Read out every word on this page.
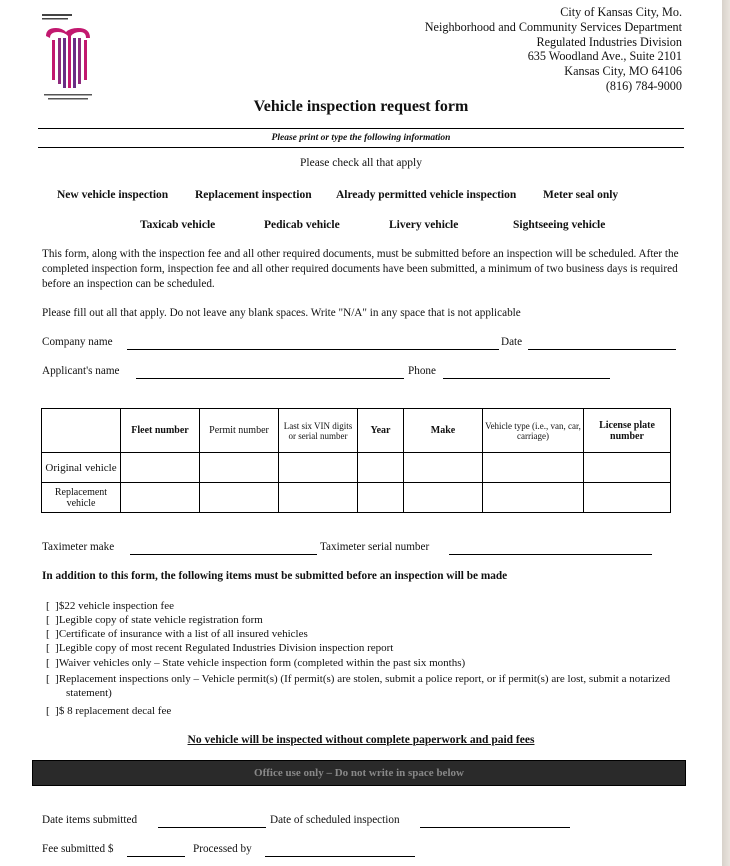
City of Kansas City, Mo.
Neighborhood and Community Services Department
Regulated Industries Division
635 Woodland Ave., Suite 2101
Kansas City, MO 64106
(816) 784-9000
Vehicle inspection request form
Please print or type the following information
Please check all that apply
New vehicle inspection Replacement inspection Already permitted vehicle inspection Meter seal only
Taxicab vehicle	Pedicab vehicle	Livery vehicle	Sightseeing vehicle
This form, along with the inspection fee and all other required documents, must be submitted before an inspection will be scheduled. After the completed inspection form, inspection fee and all other required documents have been submitted, a minimum of two business days is required before an inspection can be scheduled.
Please fill out all that apply. Do not leave any blank spaces. Write "N/A" in any space that is not applicable
Company name	Date
Applicant's name	Phone
	Fleet number	Permit number	Last six VIN digits or serial number	Year	Make	Vehicle type (i.e., van, car, carriage)	License plate number
Original vehicle							
Replacement vehicle							
Taximeter make	Taximeter serial number
In addition to this form, the following items must be submitted before an inspection will be made
[  ]$22 vehicle inspection fee
[  ]Legible copy of state vehicle registration form
[  ]Certificate of insurance with a list of all insured vehicles
[  ]Legible copy of most recent Regulated Industries Division inspection report
[  ]Waiver vehicles only – State vehicle inspection form (completed within the past six months)
[  ]Replacement inspections only – Vehicle permit(s) (If permit(s) are stolen, submit a police report, or if permit(s) are lost, submit a notarized statement)
[  ]$ 8 replacement decal fee
No vehicle will be inspected without complete paperwork and paid fees
Office use only – Do not write in space below
Date items submitted	Date of scheduled inspection
Fee submitted $	Processed by
